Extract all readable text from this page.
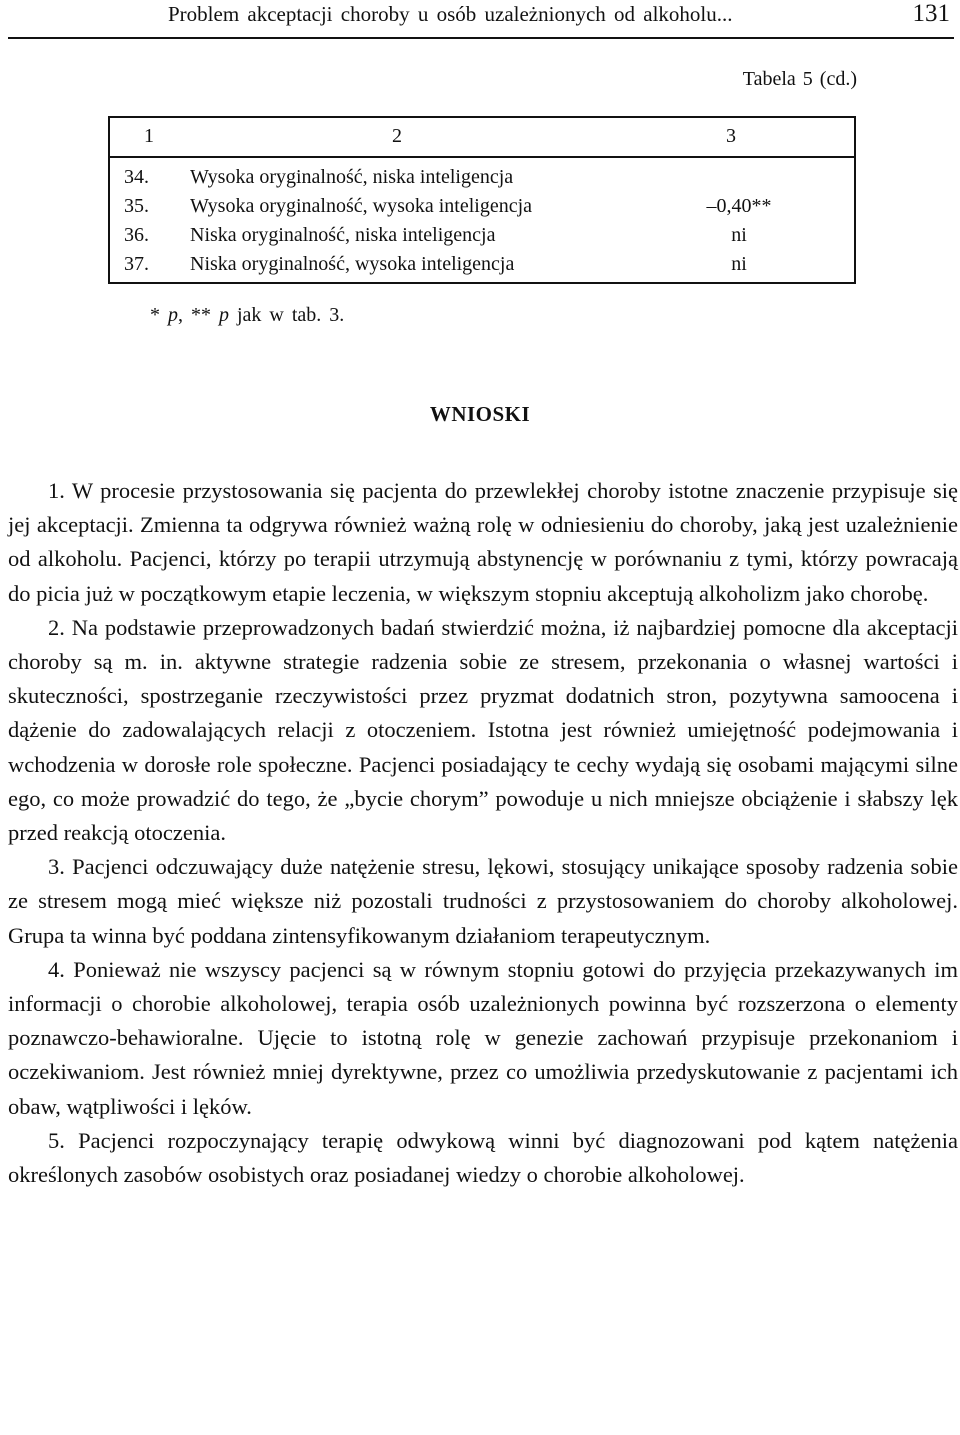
Problem akceptacji choroby u osób uzależnionych od alkoholu...	131
Tabela 5 (cd.)
1	2	3
34. Wysoka oryginalność, niska inteligencja
35. Wysoka oryginalność, wysoka inteligencja	–0,40**
36. Niska oryginalność, niska inteligencja	ni
37. Niska oryginalność, wysoka inteligencja	ni
* p, ** p jak w tab. 3.
WNIOSKI

1. W procesie przystosowania się pacjenta do przewlekłej choroby istotne znaczenie przypisuje się jej akceptacji. Zmienna ta odgrywa również ważną rolę w odniesieniu do choroby, jaką jest uzależnienie od alkoholu. Pacjenci, którzy po terapii utrzymują abstynencję w porównaniu z tymi, którzy powracają do picia już w początkowym etapie leczenia, w większym stopniu akceptują alkoholizm jako chorobę.

2. Na podstawie przeprowadzonych badań stwierdzić można, iż najbardziej pomocne dla akceptacji choroby są m. in. aktywne strategie radzenia sobie ze stresem, przekonania o własnej wartości i skuteczności, spostrzeganie rzeczywistości przez pryzmat dodatnich stron, pozytywna samoocena i dążenie do zadowalających relacji z otoczeniem. Istotna jest również umiejętność podejmowania i wchodzenia w dorosłe role społeczne. Pacjenci posiadający te cechy wydają się osobami mającymi silne ego, co może prowadzić do tego, że „bycie chorym” powoduje u nich mniejsze obciążenie i słabszy lęk przed reakcją otoczenia.

3. Pacjenci odczuwający duże natężenie stresu, lękowi, stosujący unikające sposoby radzenia sobie ze stresem mogą mieć większe niż pozostali trudności z przystosowaniem do choroby alkoholowej. Grupa ta winna być poddana zintensyfikowanym działaniom terapeutycznym.

4. Ponieważ nie wszyscy pacjenci są w równym stopniu gotowi do przyjęcia przekazywanych im informacji o chorobie alkoholowej, terapia osób uzależnionych powinna być rozszerzona o elementy poznawczo-behawioralne. Ujęcie to istotną rolę w genezie zachowań przypisuje przekonaniom i oczekiwaniom. Jest również mniej dyrektywne, przez co umożliwia przedyskutowanie z pacjentami ich obaw, wątpliwości i lęków.

5. Pacjenci rozpoczynający terapię odwykową winni być diagnozowani pod kątem natężenia określonych zasobów osobistych oraz posiadanej wiedzy o chorobie alkoholowej.
